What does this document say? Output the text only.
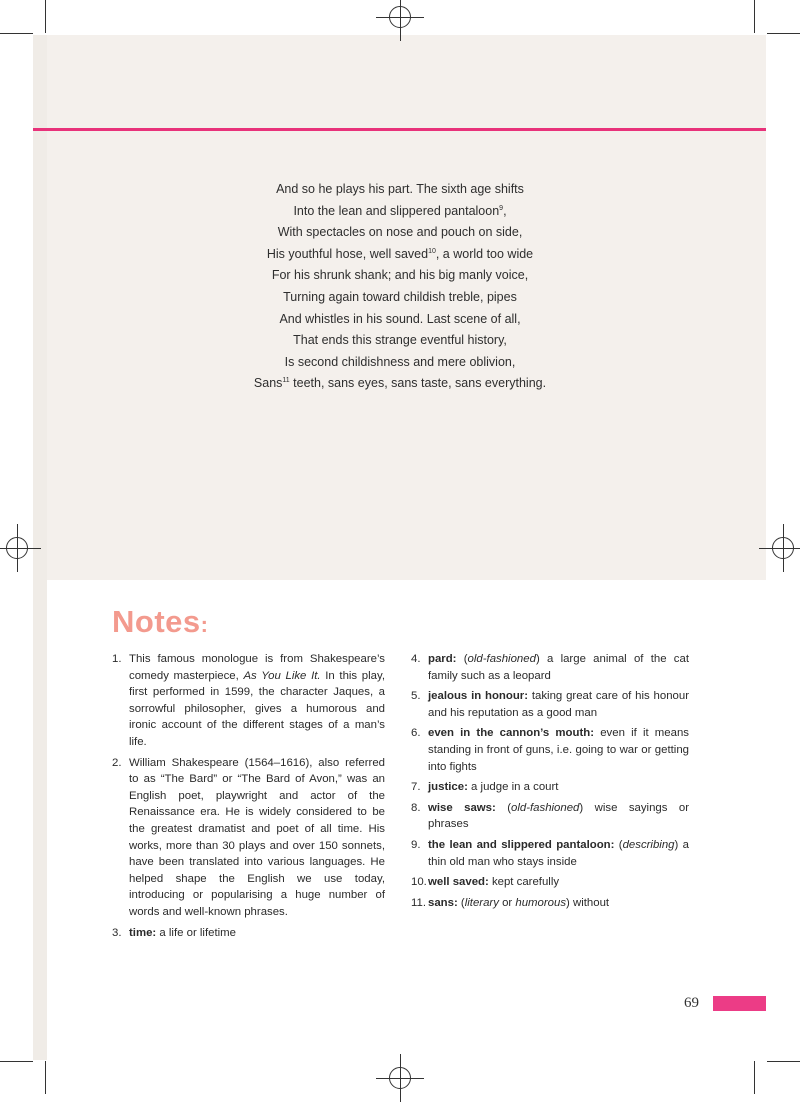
And so he plays his part. The sixth age shifts
Into the lean and slippered pantaloon$^9$,
With spectacles on nose and pouch on side,
His youthful hose, well saved$^{10}$, a world too wide
For his shrunk shank; and his big manly voice,
Turning again toward childish treble, pipes
And whistles in his sound. Last scene of all,
That ends this strange eventful history,
Is second childishness and mere oblivion,
Sans$^{11}$ teeth, sans eyes, sans taste, sans everything.
Notes:
1. This famous monologue is from Shakespeare’s comedy masterpiece, As You Like It. In this play, first performed in 1599, the character Jaques, a sorrowful philosopher, gives a humorous and ironic account of the different stages of a man’s life.
2. William Shakespeare (1564–1616), also referred to as “The Bard” or “The Bard of Avon,” was an English poet, playwright and actor of the Renaissance era. He is widely considered to be the greatest dramatist and poet of all time. His works, more than 30 plays and over 150 sonnets, have been translated into various languages. He helped shape the English we use today, introducing or popularising a huge number of words and well-known phrases.
3. time: a life or lifetime
4. pard: (old-fashioned) a large animal of the cat family such as a leopard
5. jealous in honour: taking great care of his honour and his reputation as a good man
6. even in the cannon’s mouth: even if it means standing in front of guns, i.e. going to war or getting into fights
7. justice: a judge in a court
8. wise saws: (old-fashioned) wise sayings or phrases
9. the lean and slippered pantaloon: (describing) a thin old man who stays inside
10. well saved: kept carefully
11. sans: (literary or humorous) without
69
